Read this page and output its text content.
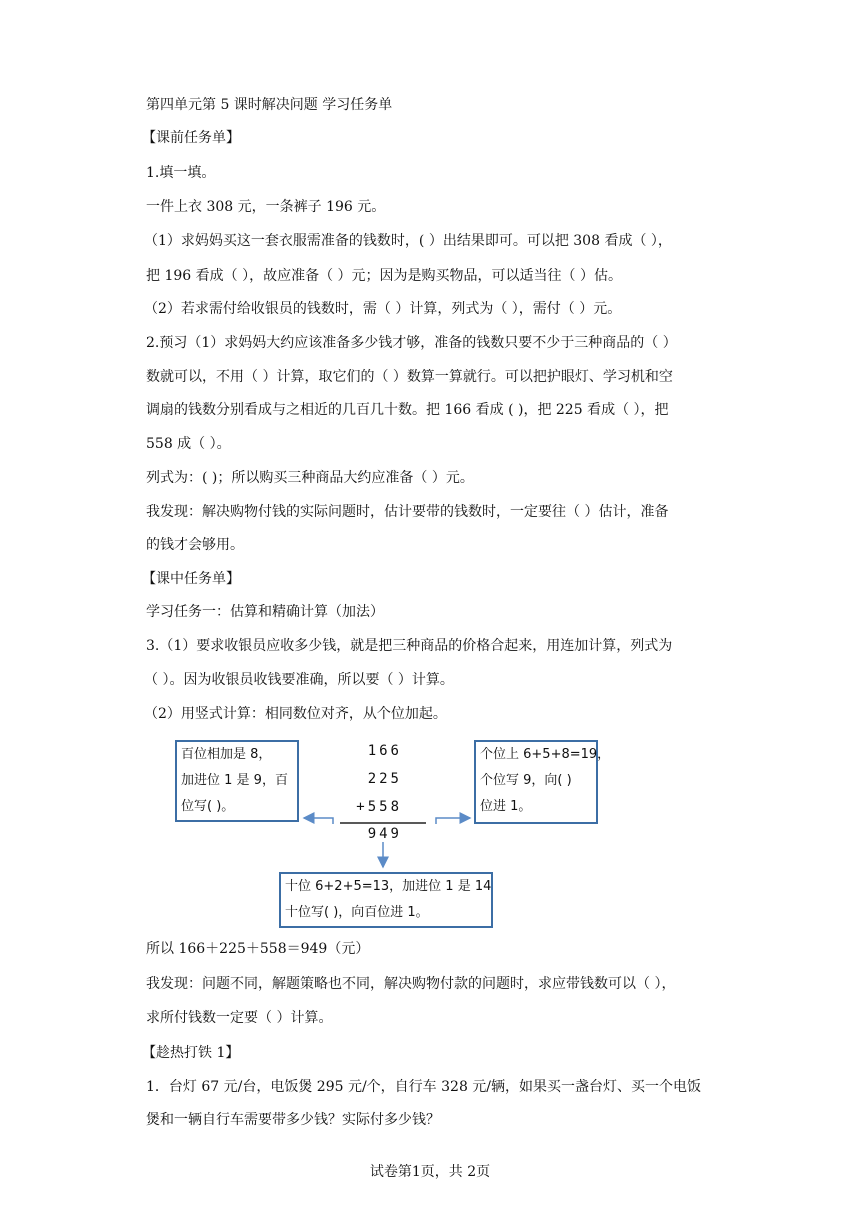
第四单元第 5 课时解决问题 学习任务单
【课前任务单】
1.填一填。
一件上衣 308 元，一条裤子 196 元。
（1）求妈妈买这一套衣服需准备的钱数时，( ）出结果即可。可以把 308 看成（ ），
把 196 看成（ ），故应准备（ ）元；因为是购买物品，可以适当往（ ）估。
（2）若求需付给收银员的钱数时，需（ ）计算，列式为（ ），需付（ ）元。
2.预习（1）求妈妈大约应该准备多少钱才够，准备的钱数只要不少于三种商品的（ ）
数就可以，不用（ ）计算，取它们的（ ）数算一算就行。可以把护眼灯、学习机和空
调扇的钱数分别看成与之相近的几百几十数。把 166 看成 ( )，把 225 看成（ ），把
558 成（ ）。
列式为：( )；所以购买三种商品大约应准备（ ）元。
我发现：解决购物付钱的实际问题时，估计要带的钱数时，一定要往（ ）估计，准备
的钱才会够用。
【课中任务单】
学习任务一：估算和精确计算（加法）
3.（1）要求收银员应收多少钱，就是把三种商品的价格合起来，用连加计算，列式为
（ ）。因为收银员收钱要准确，所以要（ ）计算。
（2）用竖式计算：相同数位对齐，从个位加起。
百位相加是 8，
加进位 1 是 9，百
位写( )。
个位上 6+5+8=19，
个位写 9，向( )
位进 1。
十位 6+2+5=13，加进位 1 是 14
十位写( )，向百位进 1。
166
225
+558
949
所以 166＋225＋558＝949（元）
我发现：问题不同，解题策略也不同，解决购物付款的问题时，求应带钱数可以（ ），
求所付钱数一定要（ ）计算。
【趁热打铁 1】
1．台灯 67 元/台，电饭煲 295 元/个，自行车 328 元/辆，如果买一盏台灯、买一个电饭
煲和一辆自行车需要带多少钱？实际付多少钱？
试卷第1页，共 2页
